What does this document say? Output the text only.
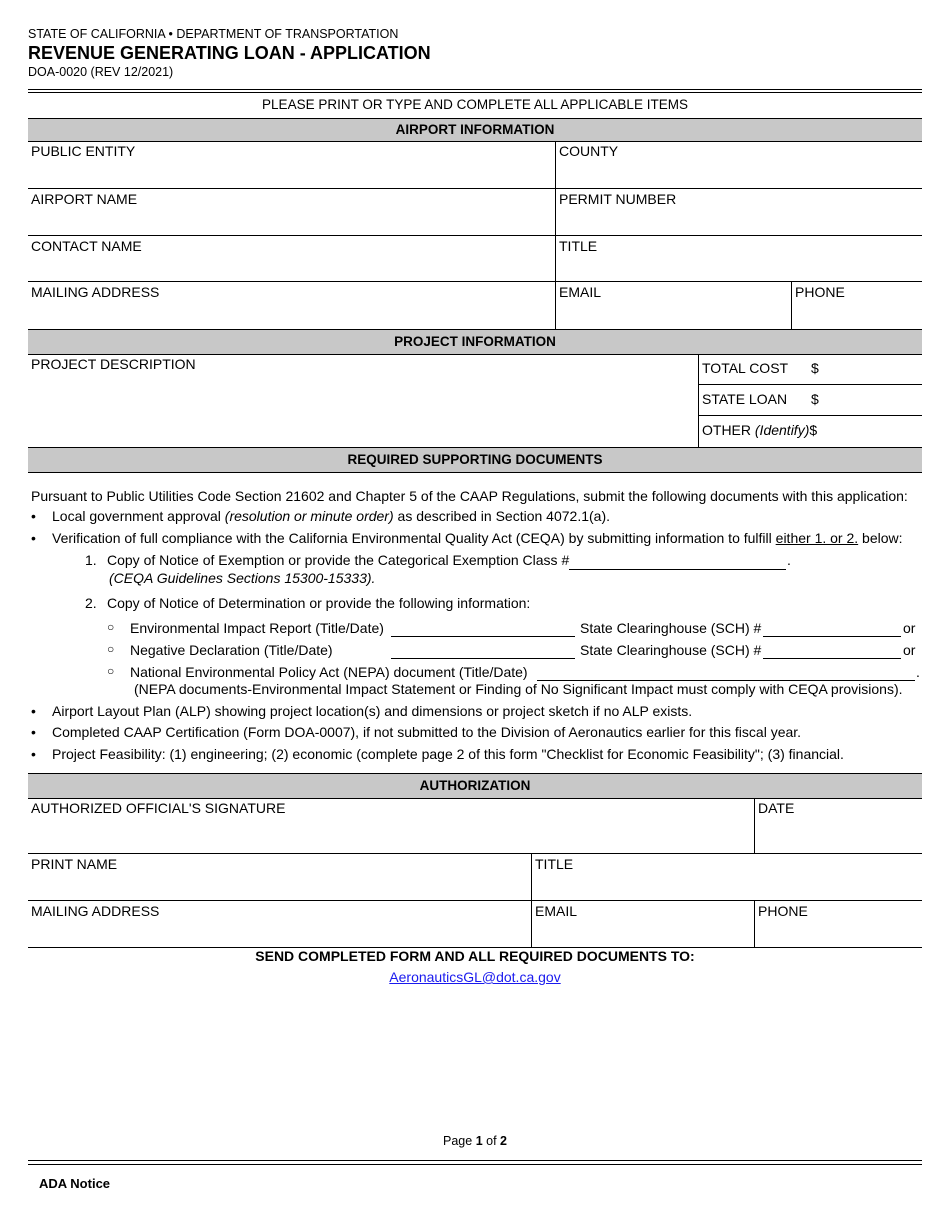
STATE OF CALIFORNIA • DEPARTMENT OF TRANSPORTATION
REVENUE GENERATING LOAN - APPLICATION
DOA-0020 (REV 12/2021)
PLEASE PRINT OR TYPE AND COMPLETE ALL APPLICABLE ITEMS
AIRPORT INFORMATION
PUBLIC ENTITY	COUNTY
AIRPORT NAME	PERMIT NUMBER
CONTACT NAME	TITLE
MAILING ADDRESS	EMAIL	PHONE
PROJECT INFORMATION
PROJECT DESCRIPTION	TOTAL COST $
STATE LOAN $
OTHER (Identify)$
REQUIRED SUPPORTING DOCUMENTS
Pursuant to Public Utilities Code Section 21602 and Chapter 5 of the CAAP Regulations, submit the following documents with this application:
• Local government approval (resolution or minute order) as described in Section 4072.1(a).
• Verification of full compliance with the California Environmental Quality Act (CEQA) by submitting information to fulfill either 1. or 2. below:
1. Copy of Notice of Exemption or provide the Categorical Exemption Class #	.
(CEQA Guidelines Sections 15300-15333).
2. Copy of Notice of Determination or provide the following information:
○ Environmental Impact Report (Title/Date)	State Clearinghouse (SCH) #	or
○ Negative Declaration (Title/Date)	State Clearinghouse (SCH) #	or
○ National Environmental Policy Act (NEPA) document (Title/Date)	.
(NEPA documents-Environmental Impact Statement or Finding of No Significant Impact must comply with CEQA provisions).
• Airport Layout Plan (ALP) showing project location(s) and dimensions or project sketch if no ALP exists.
• Completed CAAP Certification (Form DOA-0007), if not submitted to the Division of Aeronautics earlier for this fiscal year.
• Project Feasibility: (1) engineering; (2) economic (complete page 2 of this form "Checklist for Economic Feasibility"; (3) financial.
AUTHORIZATION
AUTHORIZED OFFICIAL'S SIGNATURE	DATE
PRINT NAME	TITLE
MAILING ADDRESS	EMAIL	PHONE
SEND COMPLETED FORM AND ALL REQUIRED DOCUMENTS TO:
AeronauticsGL@dot.ca.gov
Page 1 of 2
ADA Notice
